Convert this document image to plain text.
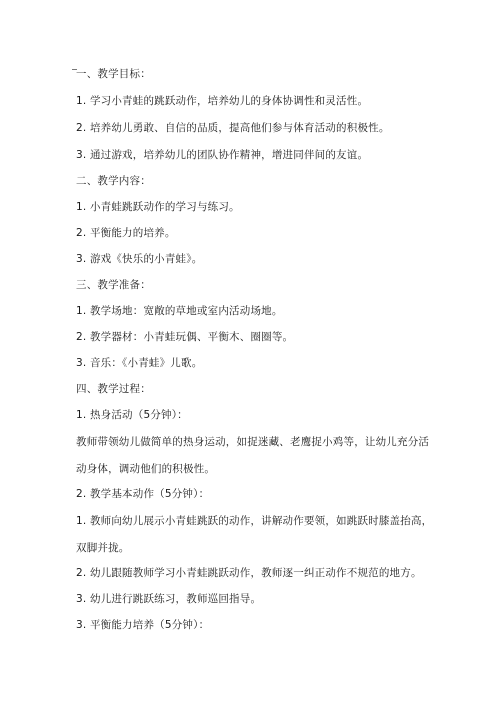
一、教学目标：
1. 学习小青蛙的跳跃动作，培养幼儿的身体协调性和灵活性。
2. 培养幼儿勇敢、自信的品质，提高他们参与体育活动的积极性。
3. 通过游戏，培养幼儿的团队协作精神，增进同伴间的友谊。
二、教学内容：
1. 小青蛙跳跃动作的学习与练习。
2. 平衡能力的培养。
3. 游戏《快乐的小青蛙》。
三、教学准备：
1. 教学场地：宽敞的草地或室内活动场地。
2. 教学器材：小青蛙玩偶、平衡木、圈圈等。
3. 音乐：《小青蛙》儿歌。
四、教学过程：
1. 热身活动（5分钟）：
教师带领幼儿做简单的热身运动，如捉迷藏、老鹰捉小鸡等，让幼儿充分活动身体，调动他们的积极性。
2. 教学基本动作（5分钟）：
1. 教师向幼儿展示小青蛙跳跃的动作，讲解动作要领，如跳跃时膝盖抬高，双脚并拢。
2. 幼儿跟随教师学习小青蛙跳跃动作，教师逐一纠正动作不规范的地方。
3. 幼儿进行跳跃练习，教师巡回指导。
3. 平衡能力培养（5分钟）：
